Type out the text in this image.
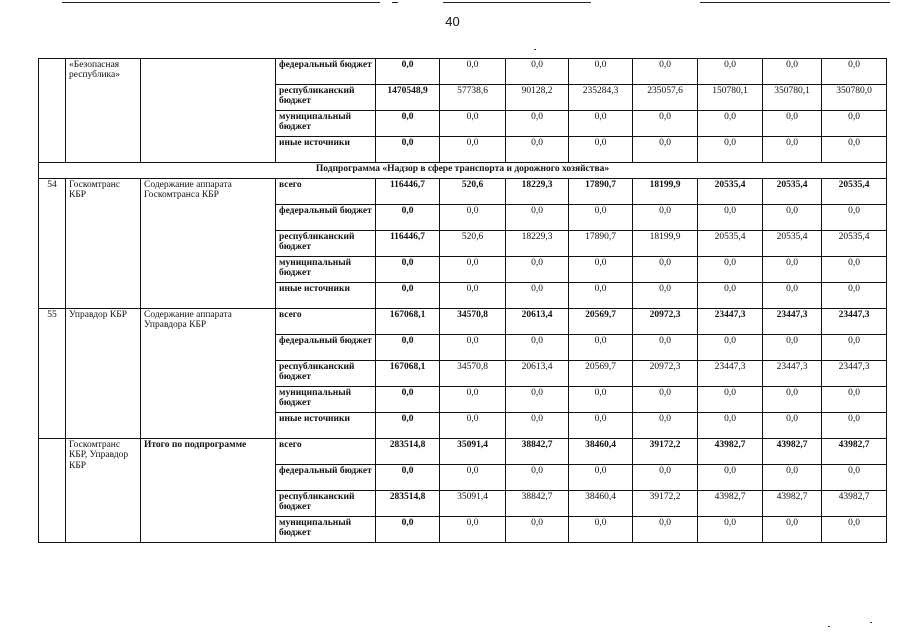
40
	«Безопасная республика»		федеральный бюджет	0,0	0,0	0,0	0,0	0,0	0,0	0,0	0,0
			республиканский бюджет	1470548,9	57738,6	90128,2	235284,3	235057,6	150780,1	350780,1	350780,0
			муниципальный бюджет	0,0	0,0	0,0	0,0	0,0	0,0	0,0	0,0
			иные источники	0,0	0,0	0,0	0,0	0,0	0,0	0,0	0,0
Подпрограмма «Надзор в сфере транспорта и дорожного хозяйства»											
54	Госкомтранс КБР	Содержание аппарата Госкомтранса КБР	всего	116446,7	520,6	18229,3	17890,7	18199,9	20535,4	20535,4	20535,4
			федеральный бюджет	0,0	0,0	0,0	0,0	0,0	0,0	0,0	0,0
			республиканский бюджет	116446,7	520,6	18229,3	17890,7	18199,9	20535,4	20535,4	20535,4
			муниципальный бюджет	0,0	0,0	0,0	0,0	0,0	0,0	0,0	0,0
			иные источники	0,0	0,0	0,0	0,0	0,0	0,0	0,0	0,0
55	Управдор КБР	Содержание аппарата Управдора КБР	всего	167068,1	34570,8	20613,4	20569,7	20972,3	23447,3	23447,3	23447,3
			федеральный бюджет	0,0	0,0	0,0	0,0	0,0	0,0	0,0	0,0
			республиканский бюджет	167068,1	34570,8	20613,4	20569,7	20972,3	23447,3	23447,3	23447,3
			муниципальный бюджет	0,0	0,0	0,0	0,0	0,0	0,0	0,0	0,0
			иные источники	0,0	0,0	0,0	0,0	0,0	0,0	0,0	0,0
	Госкомтранс КБР, Управдор КБР	Итого по подпрограмме	всего	283514,8	35091,4	38842,7	38460,4	39172,2	43982,7	43982,7	43982,7
			федеральный бюджет	0,0	0,0	0,0	0,0	0,0	0,0	0,0	0,0
			республиканский бюджет	283514,8	35091,4	38842,7	38460,4	39172,2	43982,7	43982,7	43982,7
			муниципальный бюджет	0,0	0,0	0,0	0,0	0,0	0,0	0,0	0,0
